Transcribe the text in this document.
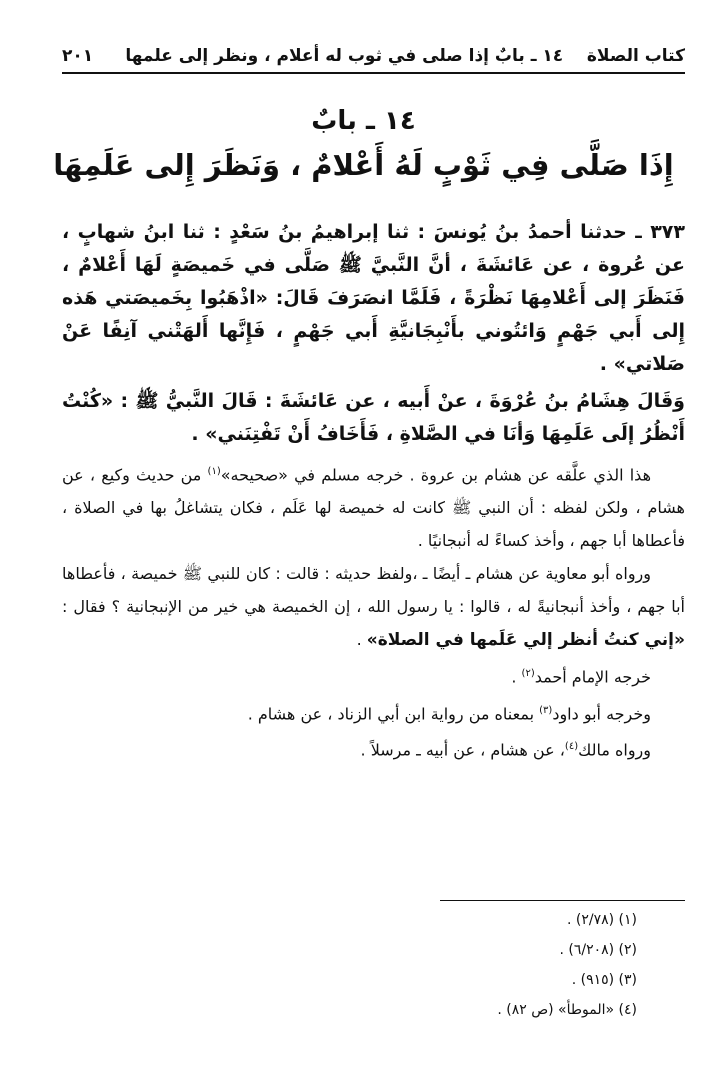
كتاب الصلاة    ١٤ ـ بابٌ إذا صلى في ثوب له أعلام ، ونظر إلى علمها
٢٠١
١٤ ـ بابٌ
إِذَا صَلَّى فِي ثَوْبٍ لَهُ أَعْلامٌ ، وَنَظَرَ إِلى عَلَمِهَا

٣٧٣ ـ حدثنا أحمدُ بنُ يُونسَ : ثنا إبراهيمُ بنُ سَعْدٍ : ثنا ابنُ شهابٍ ، عن عُروة ، عن عَائشَةَ ، أنَّ النَّبيَّ ﷺ صَلَّى في خَميصَةٍ لَهَا أَعْلامٌ ، فَنَظَرَ إلى أَعْلامِهَا نَظْرَةً ، فَلَمَّا انصَرَفَ قَالَ: «اذْهَبُوا بِخَميصَتي هَذه إِلى أَبي جَهْمٍ وَائتُوني بأَنْبِجَانيَّةِ أَبي جَهْمٍ ، فَإِنَّها أَلهَتْني آنِفًا عَنْ صَلاتي» .

وَقَالَ هِشَامُ بنُ عُرْوَةَ ، عنْ أَبيه ، عن عَائشَةَ : قَالَ النَّبيُّ ﷺ : «كُنْتُ أَنْظُرُ إلَى عَلَمِهَا وَأنَا في الصَّلاةِ ، فَأَخَافُ أَنْ تَفْتِنَني» .

هذا الذي علَّقه عن هشام بن عروة . خرجه مسلم في «صحيحه»$^{(١)}$ من حديث وكيع ، عن هشام ، ولكن لفظه : أن النبي ﷺ كانت له خميصة لها عَلَم ، فكان يتشاغلُ بها في الصلاة ، فأعطاها أبا جهم ، وأخذ كساءً له أنبجانيًا .

ورواه أبو معاوية عن هشام ـ أيضًا ـ ،ولفظ حديثه : قالت : كان للنبي ﷺ خميصة ، فأعطاها أبا جهم ، وأخذ أنبجانيةً له ، قالوا : يا رسول الله ، إن الخميصة هي خير من الإنبجانية ؟ فقال : «إني كنتُ أنظر إلي عَلَمها في الصلاة» .

خرجه الإمام أحمد$^{(٢)}$ .

وخرجه أبو داود$^{(٣)}$ بمعناه من رواية ابن أبي الزناد ، عن هشام .

ورواه مالك$^{(٤)}$، عن هشام ، عن أبيه ـ مرسلاً .

(١) (٢/٧٨) .
(٢) (٦/٢٠٨) .
(٣) (٩١٥) .
(٤) «الموطأ» (ص ٨٢) .
